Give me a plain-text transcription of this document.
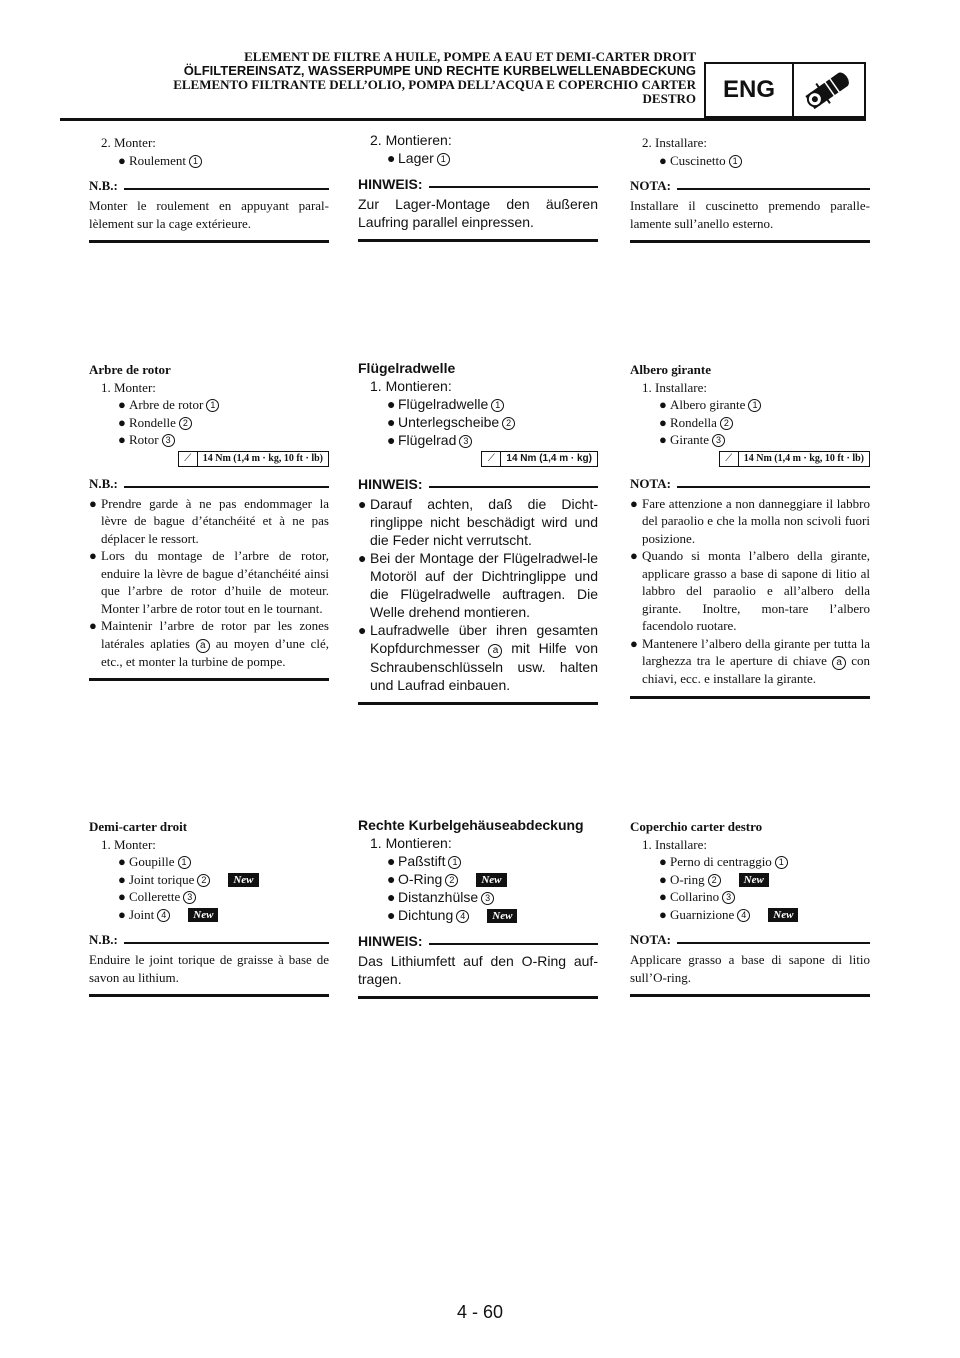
ELEMENT DE FILTRE A HUILE, POMPE A EAU ET DEMI-CARTER DROIT
ÖLFILTEREINSATZ, WASSERPUMPE UND RECHTE KURBELWELLENABDECKUNG
ELEMENTO FILTRANTE DELL’OLIO, POMPA DELL’ACQUA E COPERCHIO CARTER
DESTRO	ENG
2. Monter:
● Roulement 1
N.B.:
Monter le roulement en appuyant paral-lèlement sur la cage extérieure.
Arbre de rotor
1. Monter:
● Arbre de rotor 1
● Rondelle 2
● Rotor 3
⟋	14 Nm (1,4 m · kg, 10 ft · lb)
N.B.:
● Prendre garde à ne pas endommager la lèvre de bague d’étanchéité et à ne pas déplacer le ressort.
● Lors du montage de l’arbre de rotor, enduire la lèvre de bague d’étanchéité ainsi que l’arbre de rotor d’huile de moteur. Monter l’arbre de rotor tout en le tournant.
● Maintenir l’arbre de rotor par les zones latérales aplaties a au moyen d’une clé, etc., et monter la turbine de pompe.
Demi-carter droit
1. Monter:
● Goupille 1
● Joint torique 2 New
● Collerette 3
● Joint 4 New
N.B.:
Enduire le joint torique de graisse à base de savon au lithium.
2. Montieren:
● Lager 1
HINWEIS:
Zur Lager-Montage den äußeren Laufring parallel einpressen.
Flügelradwelle
1. Montieren:
● Flügelradwelle 1
● Unterlegscheibe 2
● Flügelrad 3
⟋	14 Nm (1,4 m · kg)
HINWEIS:
● Darauf achten, daß die Dicht-ringlippe nicht beschädigt wird und die Feder nicht verrutscht.
● Bei der Montage der Flügelradwel-le Motoröl auf der Dichtringlippe und die Flügelradwelle auftragen. Die Welle drehend montieren.
● Laufradwelle über ihren gesamten Kopfdurchmesser a mit Hilfe von Schraubenschlüsseln usw. halten und Laufrad einbauen.
Rechte Kurbelgehäuseabdeckung
1. Montieren:
● Paßstift 1
● O-Ring 2 New
● Distanzhülse 3
● Dichtung 4 New
HINWEIS:
Das Lithiumfett auf den O-Ring auf-tragen.
2. Installare:
● Cuscinetto 1
NOTA:
Installare il cuscinetto premendo paralle-lamente sull’anello esterno.
Albero girante
1. Installare:
● Albero girante 1
● Rondella 2
● Girante 3
⟋	14 Nm (1,4 m · kg, 10 ft · lb)
NOTA:
● Fare attenzione a non danneggiare il labbro del paraolio e che la molla non scivoli fuori posizione.
● Quando si monta l’albero della girante, applicare grasso a base di sapone di litio al labbro del paraolio e all’albero della girante. Inoltre, mon-tare l’albero facendolo ruotare.
● Mantenere l’albero della girante per tutta la larghezza tra le aperture di chiave a con chiavi, ecc. e installare la girante.
Coperchio carter destro
1. Installare:
● Perno di centraggio 1
● O-ring 2 New
● Collarino 3
● Guarnizione 4 New
NOTA:
Applicare grasso a base di sapone di litio sull’O-ring.
4 - 60
